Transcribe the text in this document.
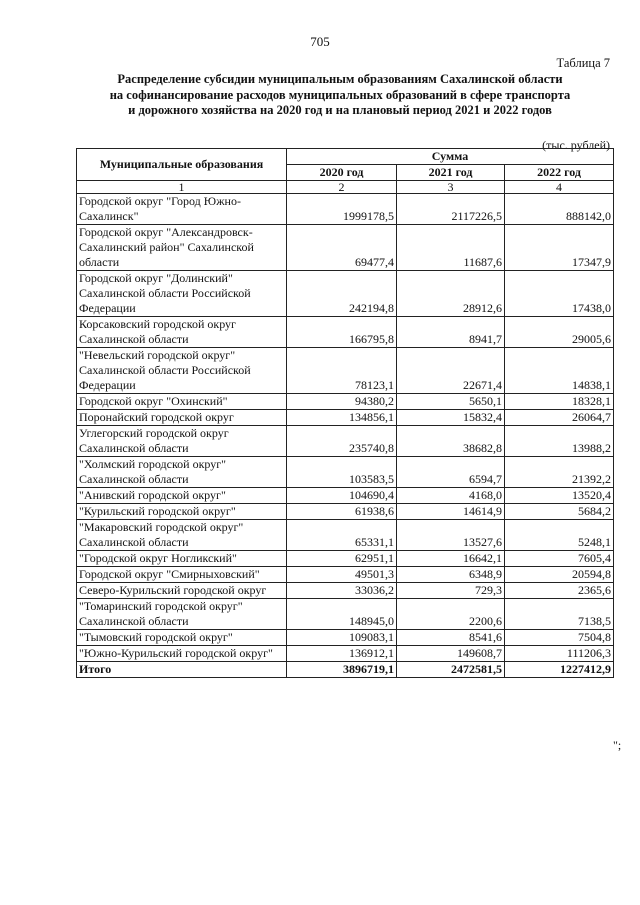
705
Таблица 7
Распределение субсидии муниципальным образованиям Сахалинской области
на софинансирование расходов муниципальных образований в сфере транспорта
и дорожного хозяйства на 2020 год и на плановый период 2021 и 2022 годов
(тыс. рублей)
Муниципальные образования	Сумма		
	2020 год	2021 год	2022 год
1	2	3	4
Городской округ "Город Южно-Сахалинск"	1999178,5	2117226,5	888142,0
Городской округ "Александровск-Сахалинский район" Сахалинской области	69477,4	11687,6	17347,9
Городской округ "Долинский" Сахалинской области Российской Федерации	242194,8	28912,6	17438,0
Корсаковский городской округ Сахалинской области	166795,8	8941,7	29005,6
"Невельский городской округ" Сахалинской области Российской Федерации	78123,1	22671,4	14838,1
Городской округ "Охинский"	94380,2	5650,1	18328,1
Поронайский городской округ	134856,1	15832,4	26064,7
Углегорский городской округ Сахалинской области	235740,8	38682,8	13988,2
"Холмский городской округ" Сахалинской области	103583,5	6594,7	21392,2
"Анивский городской округ"	104690,4	4168,0	13520,4
"Курильский городской округ"	61938,6	14614,9	5684,2
"Макаровский городской округ" Сахалинской области	65331,1	13527,6	5248,1
"Городской округ Ногликский"	62951,1	16642,1	7605,4
Городской округ "Смирныховский"	49501,3	6348,9	20594,8
Северо-Курильский городской округ	33036,2	729,3	2365,6
"Томаринский городской округ" Сахалинской области	148945,0	2200,6	7138,5
"Тымовский городской округ"	109083,1	8541,6	7504,8
"Южно-Курильский городской округ"	136912,1	149608,7	111206,3
Итого	3896719,1	2472581,5	1227412,9
";
